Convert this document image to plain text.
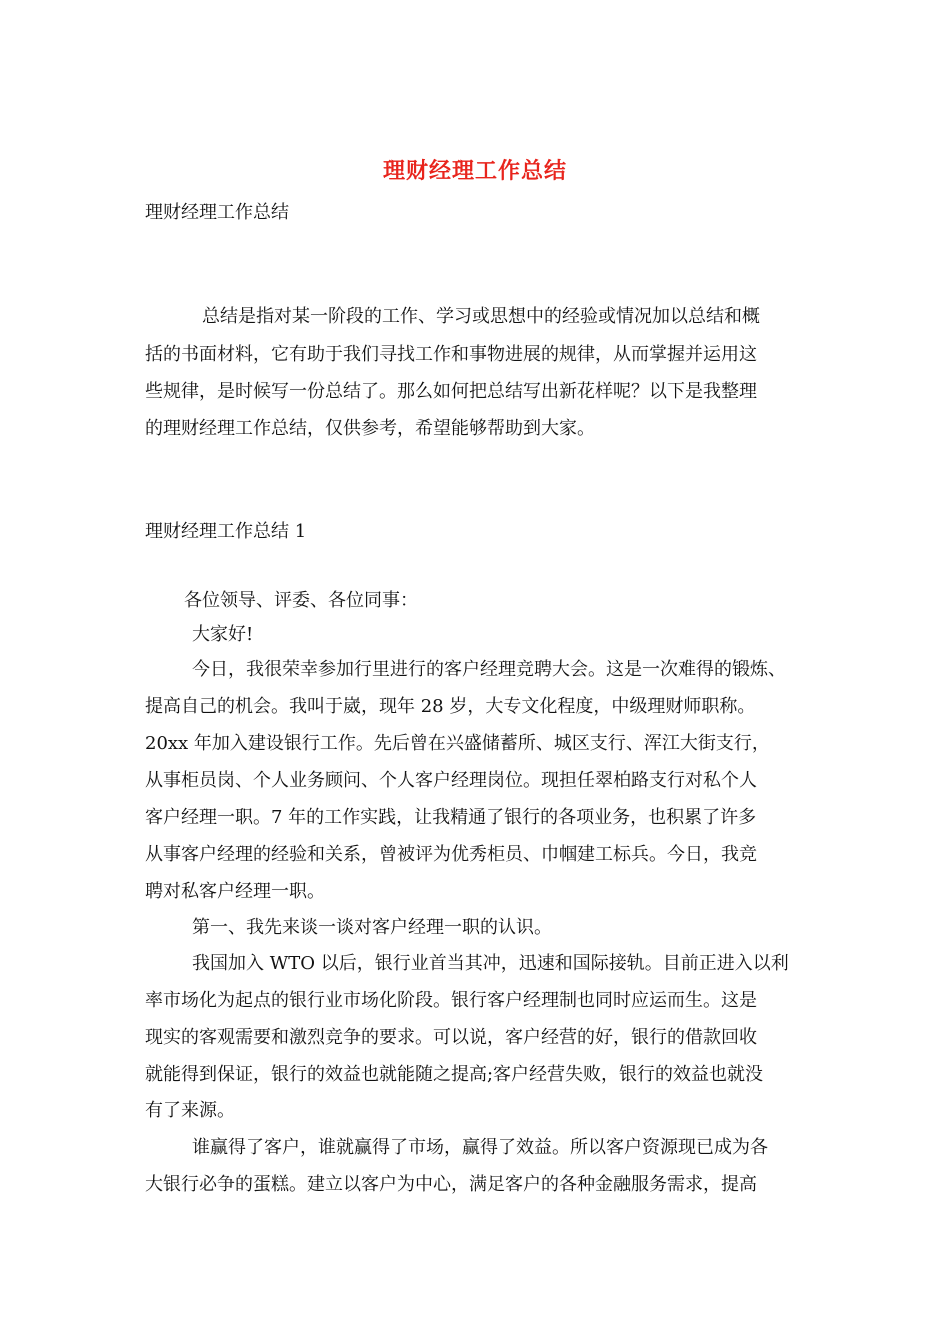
理财经理工作总结
理财经理工作总结
总结是指对某一阶段的工作、学习或思想中的经验或情况加以总结和概
括的书面材料，它有助于我们寻找工作和事物进展的规律，从而掌握并运用这
些规律，是时候写一份总结了。那么如何把总结写出新花样呢？以下是我整理
的理财经理工作总结，仅供参考，希望能够帮助到大家。
理财经理工作总结 1
各位领导、评委、各位同事：
大家好!
今日，我很荣幸参加行里进行的客户经理竞聘大会。这是一次难得的锻炼、
提高自己的机会。我叫于崴，现年 28 岁，大专文化程度，中级理财师职称。
20xx 年加入建设银行工作。先后曾在兴盛储蓄所、城区支行、浑江大街支行，
从事柜员岗、个人业务顾问、个人客户经理岗位。现担任翠柏路支行对私个人
客户经理一职。7 年的工作实践，让我精通了银行的各项业务，也积累了许多
从事客户经理的经验和关系，曾被评为优秀柜员、巾帼建工标兵。今日，我竞
聘对私客户经理一职。
第一、我先来谈一谈对客户经理一职的认识。
我国加入 WTO 以后，银行业首当其冲，迅速和国际接轨。目前正进入以利
率市场化为起点的银行业市场化阶段。银行客户经理制也同时应运而生。这是
现实的客观需要和激烈竞争的要求。可以说，客户经营的好，银行的借款回收
就能得到保证，银行的效益也就能随之提高;客户经营失败，银行的效益也就没
有了来源。
谁赢得了客户，谁就赢得了市场，赢得了效益。所以客户资源现已成为各
大银行必争的蛋糕。建立以客户为中心，满足客户的各种金融服务需求，提高
